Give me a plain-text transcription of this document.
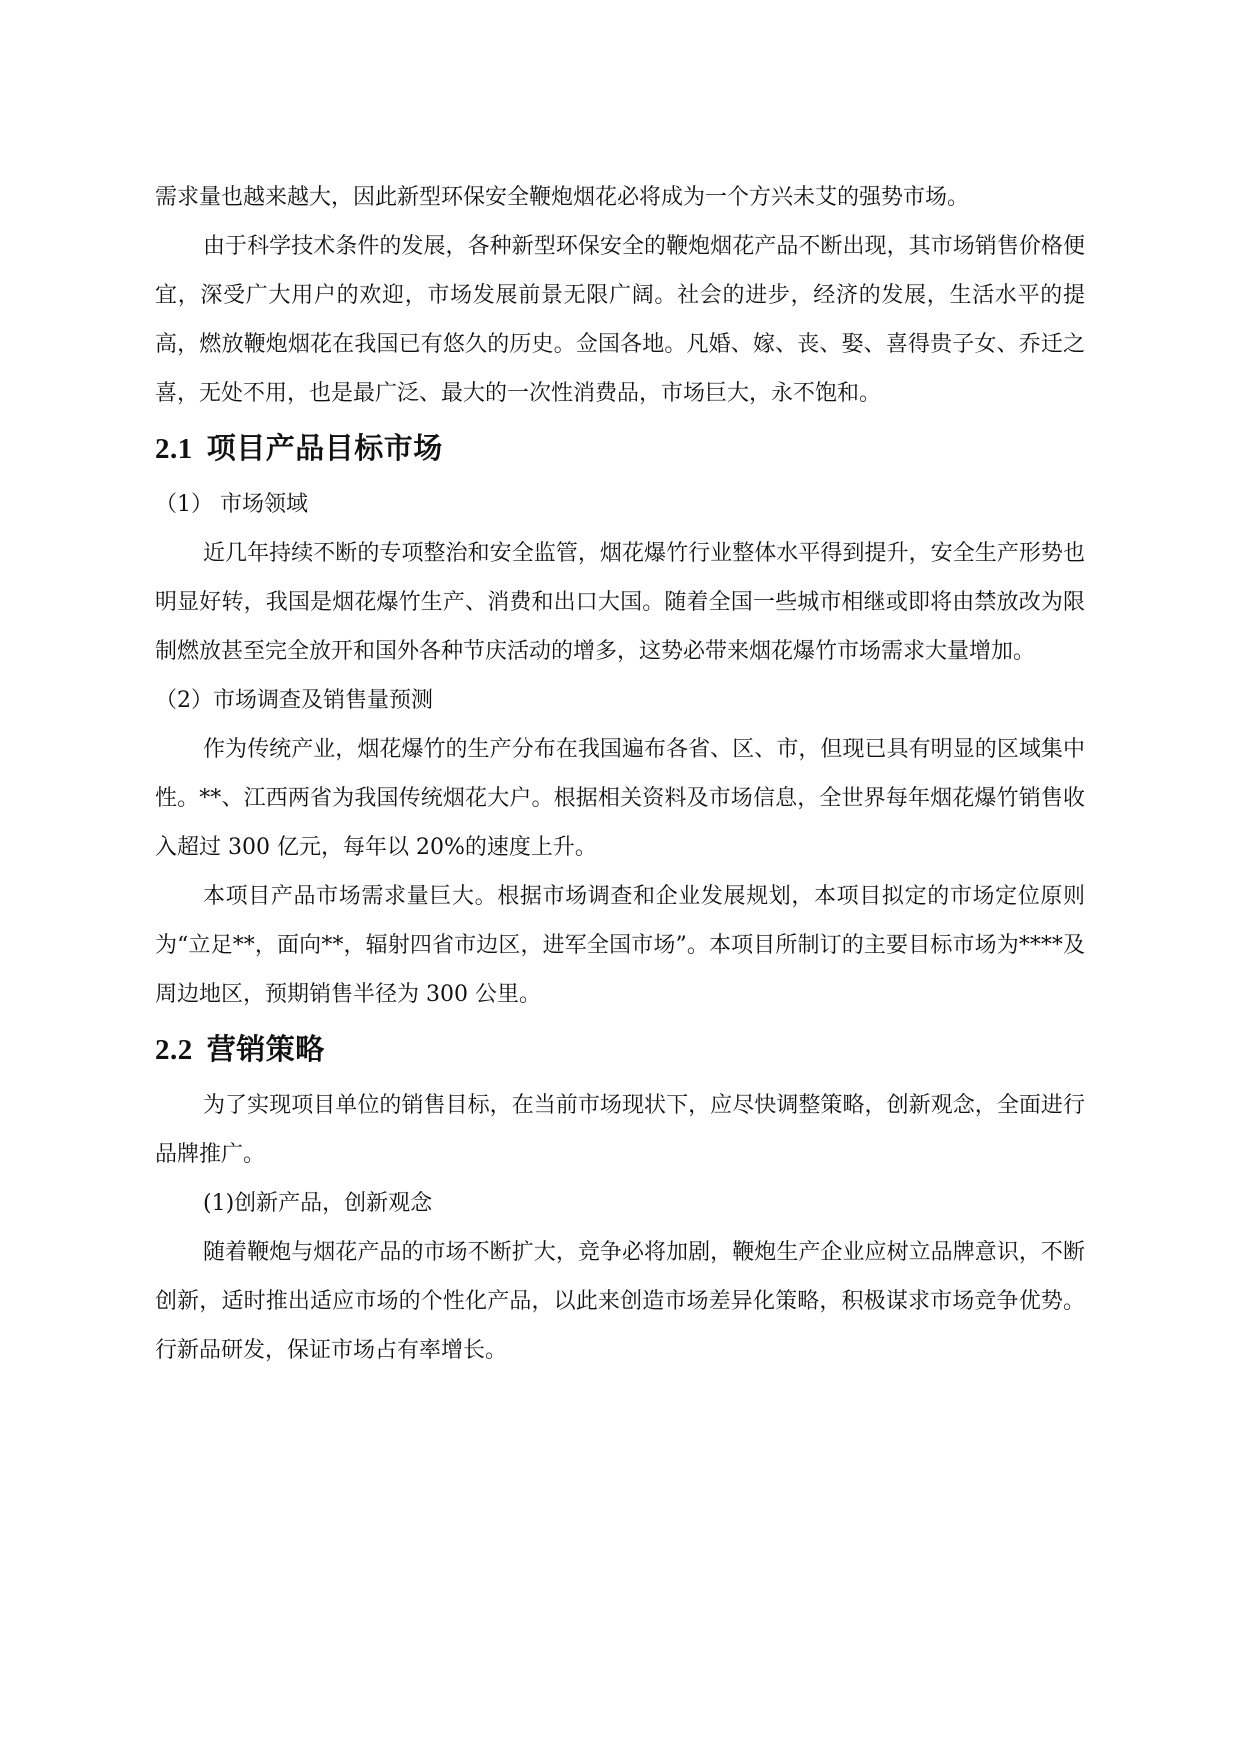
需求量也越来越大，因此新型环保安全鞭炮烟花必将成为一个方兴未艾的强势市场。

由于科学技术条件的发展，各种新型环保安全的鞭炮烟花产品不断出现，其市场销售价格便宜，深受广大用户的欢迎，市场发展前景无限广阔。社会的进步，经济的发展，生活水平的提高，燃放鞭炮烟花在我国已有悠久的历史。佥国各地。凡婚、嫁、丧、娶、喜得贵子女、乔迁之喜，无处不用，也是最广泛、最大的一次性消费品，市场巨大，永不饱和。

2.1 项目产品目标市场

（1） 市场领域

近几年持续不断的专项整治和安全监管，烟花爆竹行业整体水平得到提升，安全生产形势也明显好转，我国是烟花爆竹生产、消费和出口大国。随着全国一些城市相继或即将由禁放改为限制燃放甚至完全放开和国外各种节庆活动的增多，这势必带来烟花爆竹市场需求大量增加。

（2）市场调查及销售量预测

作为传统产业，烟花爆竹的生产分布在我国遍布各省、区、市，但现已具有明显的区域集中性。**、江西两省为我国传统烟花大户。根据相关资料及市场信息，全世界每年烟花爆竹销售收入超过 300 亿元，每年以 20%的速度上升。

本项目产品市场需求量巨大。根据市场调查和企业发展规划，本项目拟定的市场定位原则为“立足**，面向**，辐射四省市边区，进军全国市场”。本项目所制订的主要目标市场为****及周边地区，预期销售半径为 300 公里。

2.2 营销策略

为了实现项目单位的销售目标，在当前市场现状下，应尽快调整策略，创新观念，全面进行品牌推广。

(1)创新产品，创新观念

随着鞭炮与烟花产品的市场不断扩大，竞争必将加剧，鞭炮生产企业应树立品牌意识，不断创新，适时推出适应市场的个性化产品，以此来创造市场差异化策略，积极谋求市场竞争优势。行新品研发，保证市场占有率增长。
